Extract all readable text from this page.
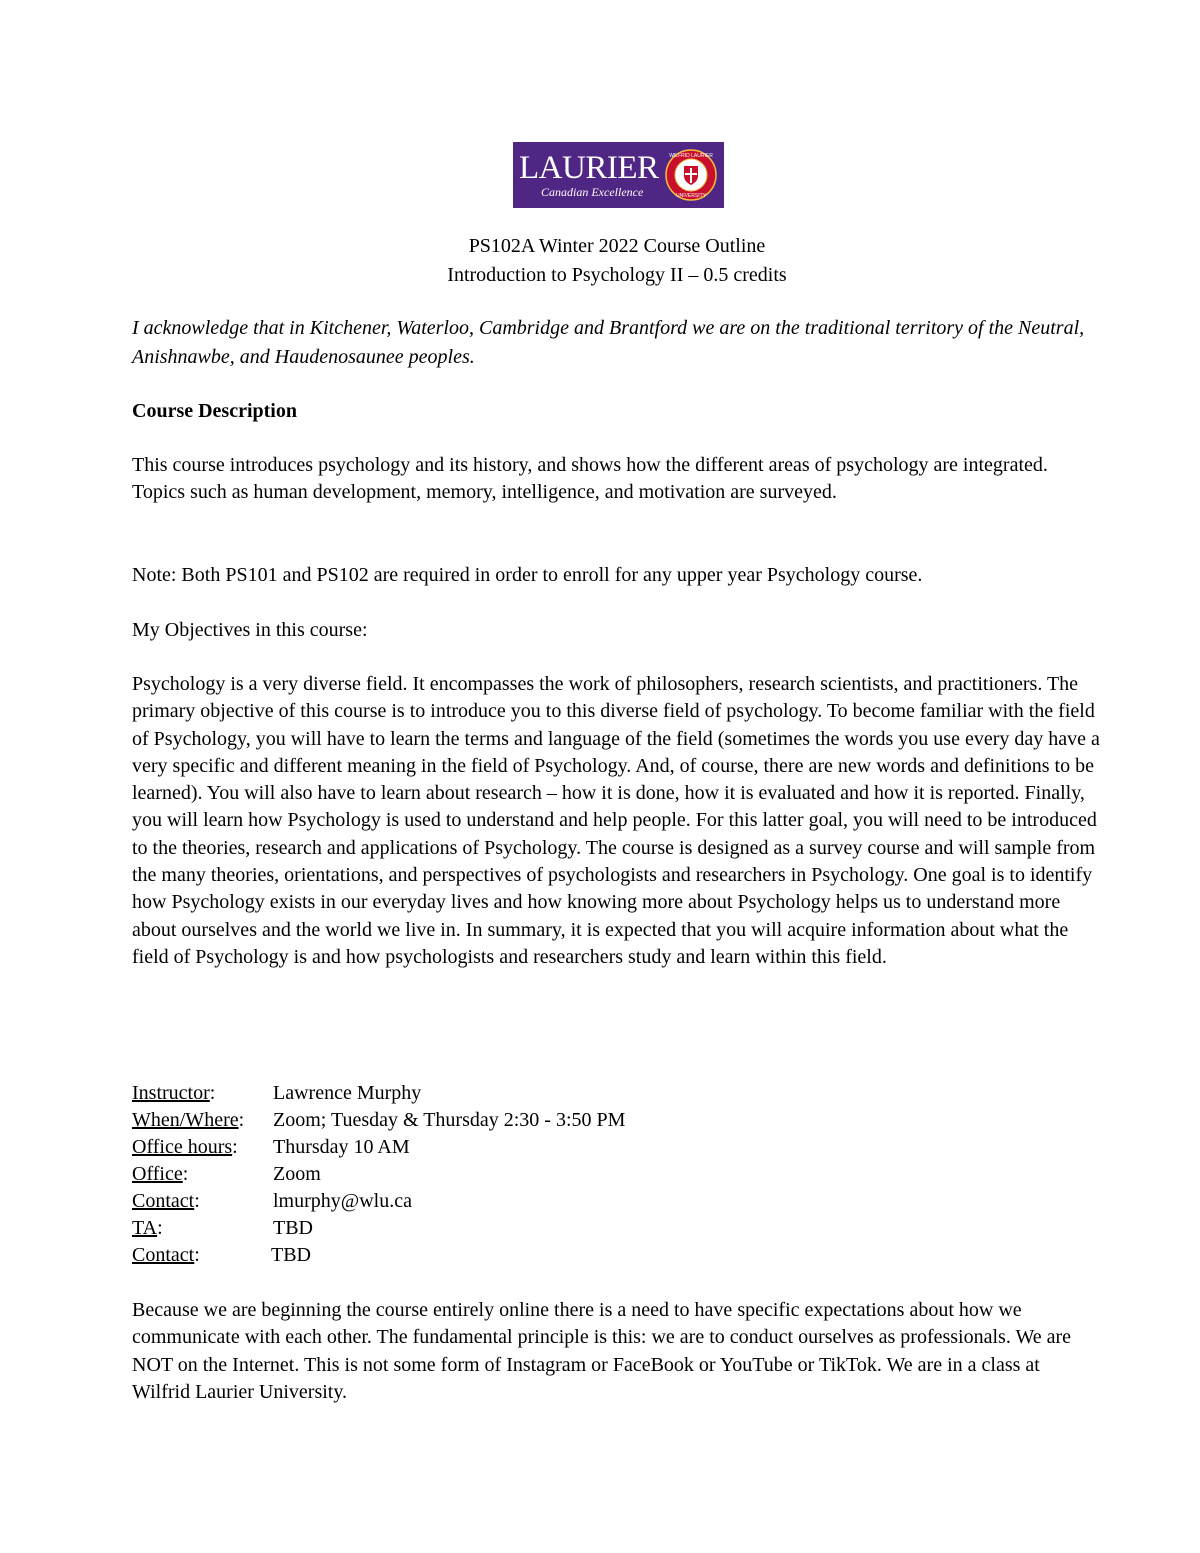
LAURIER
Canadian Excellence
WILFRID LAURIER
UNIVERSITY
PS102A Winter 2022 Course Outline
Introduction to Psychology II – 0.5 credits
I acknowledge that in Kitchener, Waterloo, Cambridge and Brantford we are on the traditional territory of the Neutral, Anishnawbe, and Haudenosaunee peoples.
Course Description
This course introduces psychology and its history, and shows how the different areas of psychology are integrated. Topics such as human development, memory, intelligence, and motivation are surveyed.
Note: Both PS101 and PS102 are required in order to enroll for any upper year Psychology course.
My Objectives in this course:
Psychology is a very diverse field. It encompasses the work of philosophers, research scientists, and practitioners. The primary objective of this course is to introduce you to this diverse field of psychology. To become familiar with the field of Psychology, you will have to learn the terms and language of the field (sometimes the words you use every day have a very specific and different meaning in the field of Psychology. And, of course, there are new words and definitions to be learned). You will also have to learn about research – how it is done, how it is evaluated and how it is reported. Finally, you will learn how Psychology is used to understand and help people. For this latter goal, you will need to be introduced to the theories, research and applications of Psychology. The course is designed as a survey course and will sample from the many theories, orientations, and perspectives of psychologists and researchers in Psychology. One goal is to identify how Psychology exists in our everyday lives and how knowing more about Psychology helps us to understand more about ourselves and the world we live in. In summary, it is expected that you will acquire information about what the field of Psychology is and how psychologists and researchers study and learn within this field.
Instructor:	Lawrence Murphy
When/Where: Zoom; Tuesday & Thursday 2:30 - 3:50 PM
Office hours: Thursday 10 AM
Office:	Zoom
Contact:	lmurphy@wlu.ca
TA:	TBD
Contact:	TBD
Because we are beginning the course entirely online there is a need to have specific expectations about how we communicate with each other. The fundamental principle is this: we are to conduct ourselves as professionals. We are NOT on the Internet. This is not some form of Instagram or FaceBook or YouTube or TikTok. We are in a class at Wilfrid Laurier University.
